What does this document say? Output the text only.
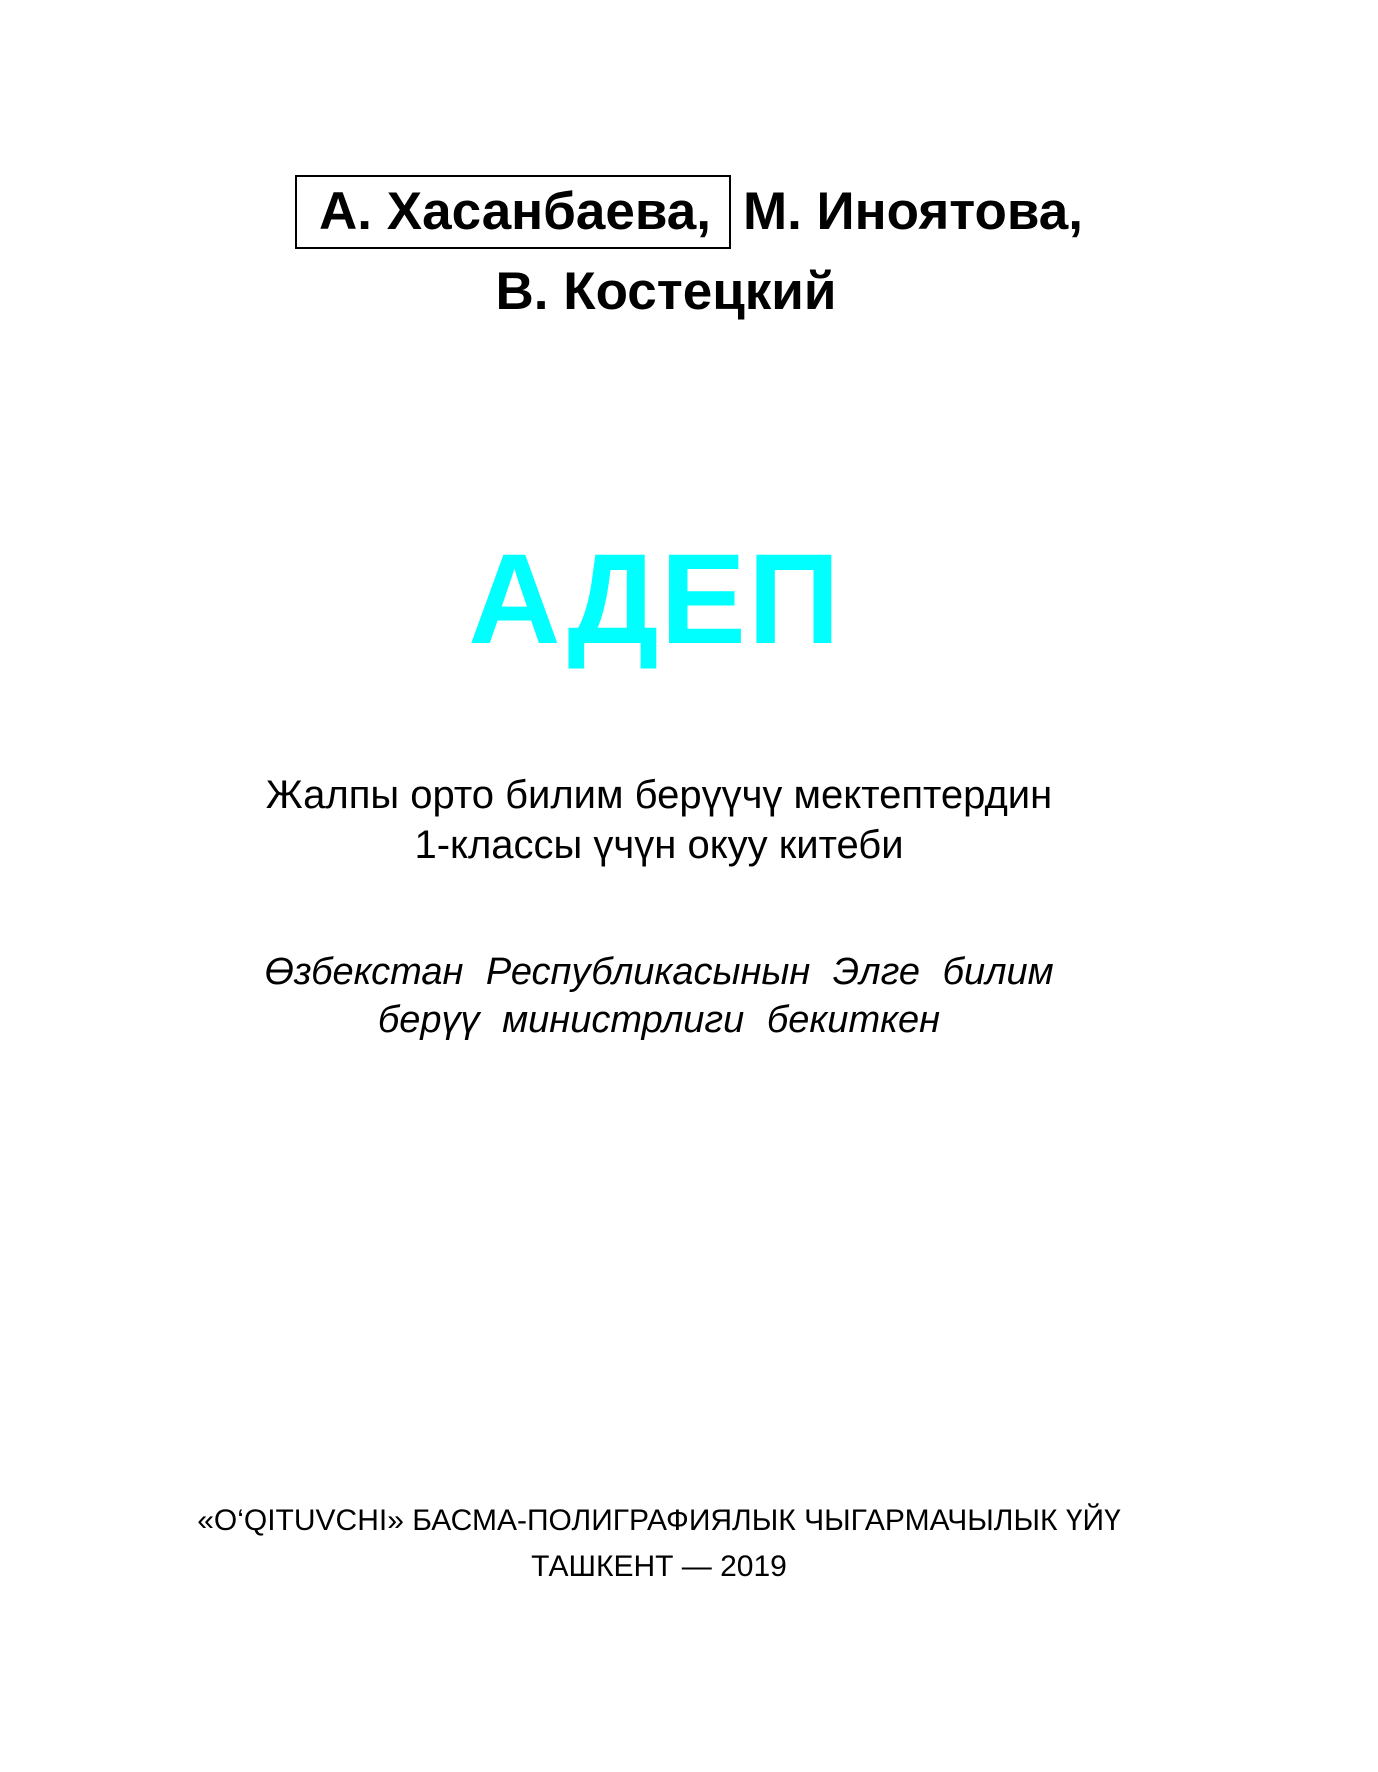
А. Хасанбаева, М. Иноятова,
В. Костецкий
АДЕП
Жалпы орто билим берүүчү мектептердин
1-классы үчүн окуу китеби
Өзбекстан Республикасынын Элге билим
берүү министрлиги бекиткен
«O‘QITUVCHI» БАСМА-ПОЛИГРАФИЯЛЫК ЧЫГАРМАЧЫЛЫК ҮЙҮ
ТАШКЕНТ — 2019
